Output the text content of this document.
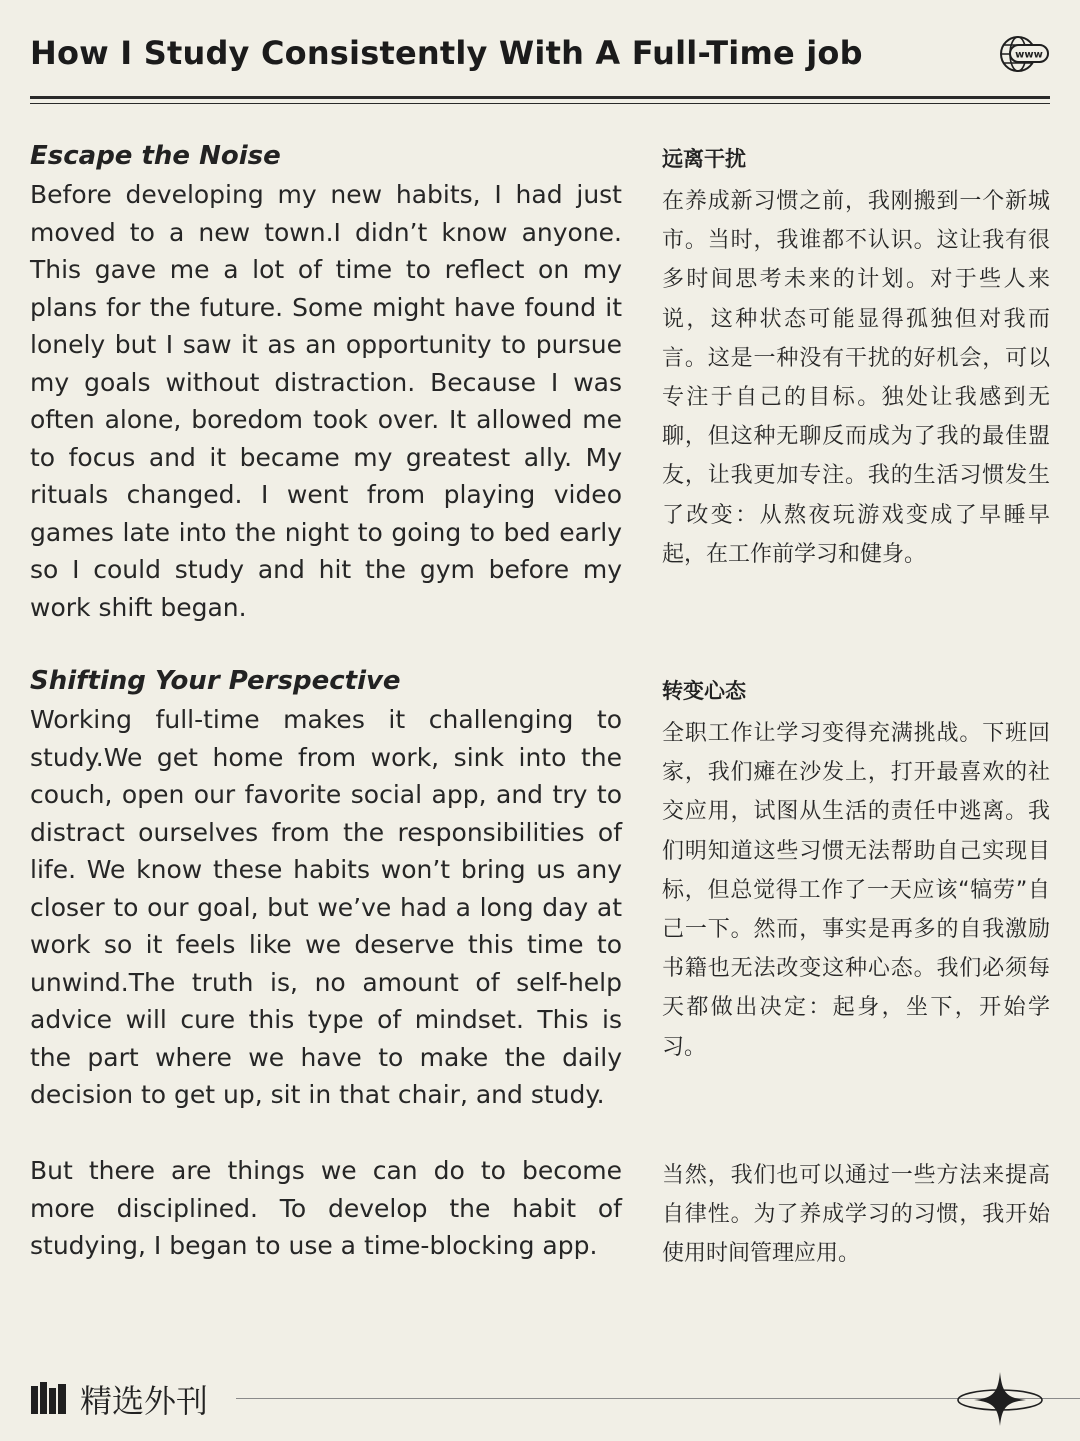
How I Study Consistently With A Full-Time job	www
Escape the Noise

Before developing my new habits, I had just moved to a new town.I didn’t know anyone. This gave me a lot of time to reflect on my plans for the future. Some might have found it lonely but I saw it as an opportunity to pursue my goals without distraction. Because I was often alone, boredom took over. It allowed me to focus and it became my greatest ally. My rituals changed. I went from playing video games late into the night to going to bed early so I could study and hit the gym before my work shift began.

Shifting Your Perspective

Working full-time makes it challenging to study.We get home from work, sink into the couch, open our favorite social app, and try to distract ourselves from the responsibilities of life. We know these habits won’t bring us any closer to our goal, but we’ve had a long day at work so it feels like we deserve this time to unwind.The truth is, no amount of self-help advice will cure this type of mindset. This is the part where we have to make the daily decision to get up, sit in that chair, and study.

But there are things we can do to become more disciplined. To develop the habit of studying, I began to use a time-blocking app.

远离干扰

在养成新习惯之前，我刚搬到一个新城市。当时，我谁都不认识。这让我有很多时间思考未来的计划。对于些人来说，这种状态可能显得孤独但对我而言。这是一种没有干扰的好机会，可以专注于自己的目标。独处让我感到无聊，但这种无聊反而成为了我的最佳盟友，让我更加专注。我的生活习惯发生了改变：从熬夜玩游戏变成了早睡早起，在工作前学习和健身。

转变心态

全职工作让学习变得充满挑战。下班回家，我们瘫在沙发上，打开最喜欢的社交应用，试图从生活的责任中逃离。我们明知道这些习惯无法帮助自己实现目标，但总觉得工作了一天应该“犒劳”自己一下。然而，事实是再多的自我激励书籍也无法改变这种心态。我们必须每天都做出决定：起身，坐下，开始学习。

当然，我们也可以通过一些方法来提高自律性。为了养成学习的习惯，我开始使用时间管理应用。

精选外刊
